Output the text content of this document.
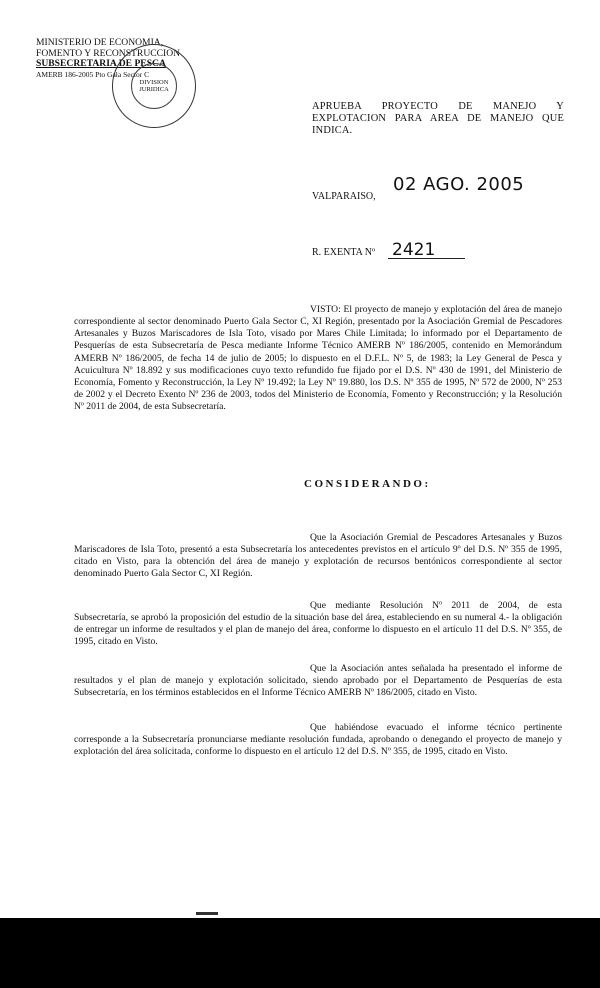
MINISTERIO DE ECONOMIA,
FOMENTO Y RECONSTRUCCION
SUBSECRETARIA DE PESCA
AMERB 186-2005 Pto Gala Sector C
DIVISION
JURIDICA
APRUEBA PROYECTO DE MANEJO Y EXPLOTACION PARA AREA DE MANEJO QUE INDICA.
VALPARAISO,
02 AGO. 2005
R. EXENTA Nº 2421

VISTO: El proyecto de manejo y explotación del área de manejo correspondiente al sector denominado Puerto Gala Sector C, XI Región, presentado por la Asociación Gremial de Pescadores Artesanales y Buzos Mariscadores de Isla Toto, visado por Mares Chile Limitada; lo informado por el Departamento de Pesquerías de esta Subsecretaría de Pesca mediante Informe Técnico AMERB Nº 186/2005, contenido en Memorándum AMERB Nº 186/2005, de fecha 14 de julio de 2005; lo dispuesto en el D.F.L. Nº 5, de 1983; la Ley General de Pesca y Acuicultura Nº 18.892 y sus modificaciones cuyo texto refundido fue fijado por el D.S. Nº 430 de 1991, del Ministerio de Economía, Fomento y Reconstrucción, la Ley Nº 19.492; la Ley Nº 19.880, los D.S. Nº 355 de 1995, Nº 572 de 2000, Nº 253 de 2002 y el Decreto Exento Nº 236 de 2003, todos del Ministerio de Economía, Fomento y Reconstrucción; y la Resolución Nº 2011 de 2004, de esta Subsecretaría.

CONSIDERANDO:

Que la Asociación Gremial de Pescadores Artesanales y Buzos Mariscadores de Isla Toto, presentó a esta Subsecretaría los antecedentes previstos en el artículo 9º del D.S. Nº 355 de 1995, citado en Visto, para la obtención del área de manejo y explotación de recursos bentónicos correspondiente al sector denominado Puerto Gala Sector C, XI Región.

Que mediante Resolución Nº 2011 de 2004, de esta Subsecretaría, se aprobó la proposición del estudio de la situación base del área, estableciendo en su numeral 4.- la obligación de entregar un informe de resultados y el plan de manejo del área, conforme lo dispuesto en el artículo 11 del D.S. Nº 355, de 1995, citado en Visto.

Que la Asociación antes señalada ha presentado el informe de resultados y el plan de manejo y explotación solicitado, siendo aprobado por el Departamento de Pesquerías de esta Subsecretaría, en los términos establecidos en el Informe Técnico AMERB Nº 186/2005, citado en Visto.

Que habiéndose evacuado el informe técnico pertinente corresponde a la Subsecretaría pronunciarse mediante resolución fundada, aprobando o denegando el proyecto de manejo y explotación del área solicitada, conforme lo dispuesto en el artículo 12 del D.S. Nº 355, de 1995, citado en Visto.
